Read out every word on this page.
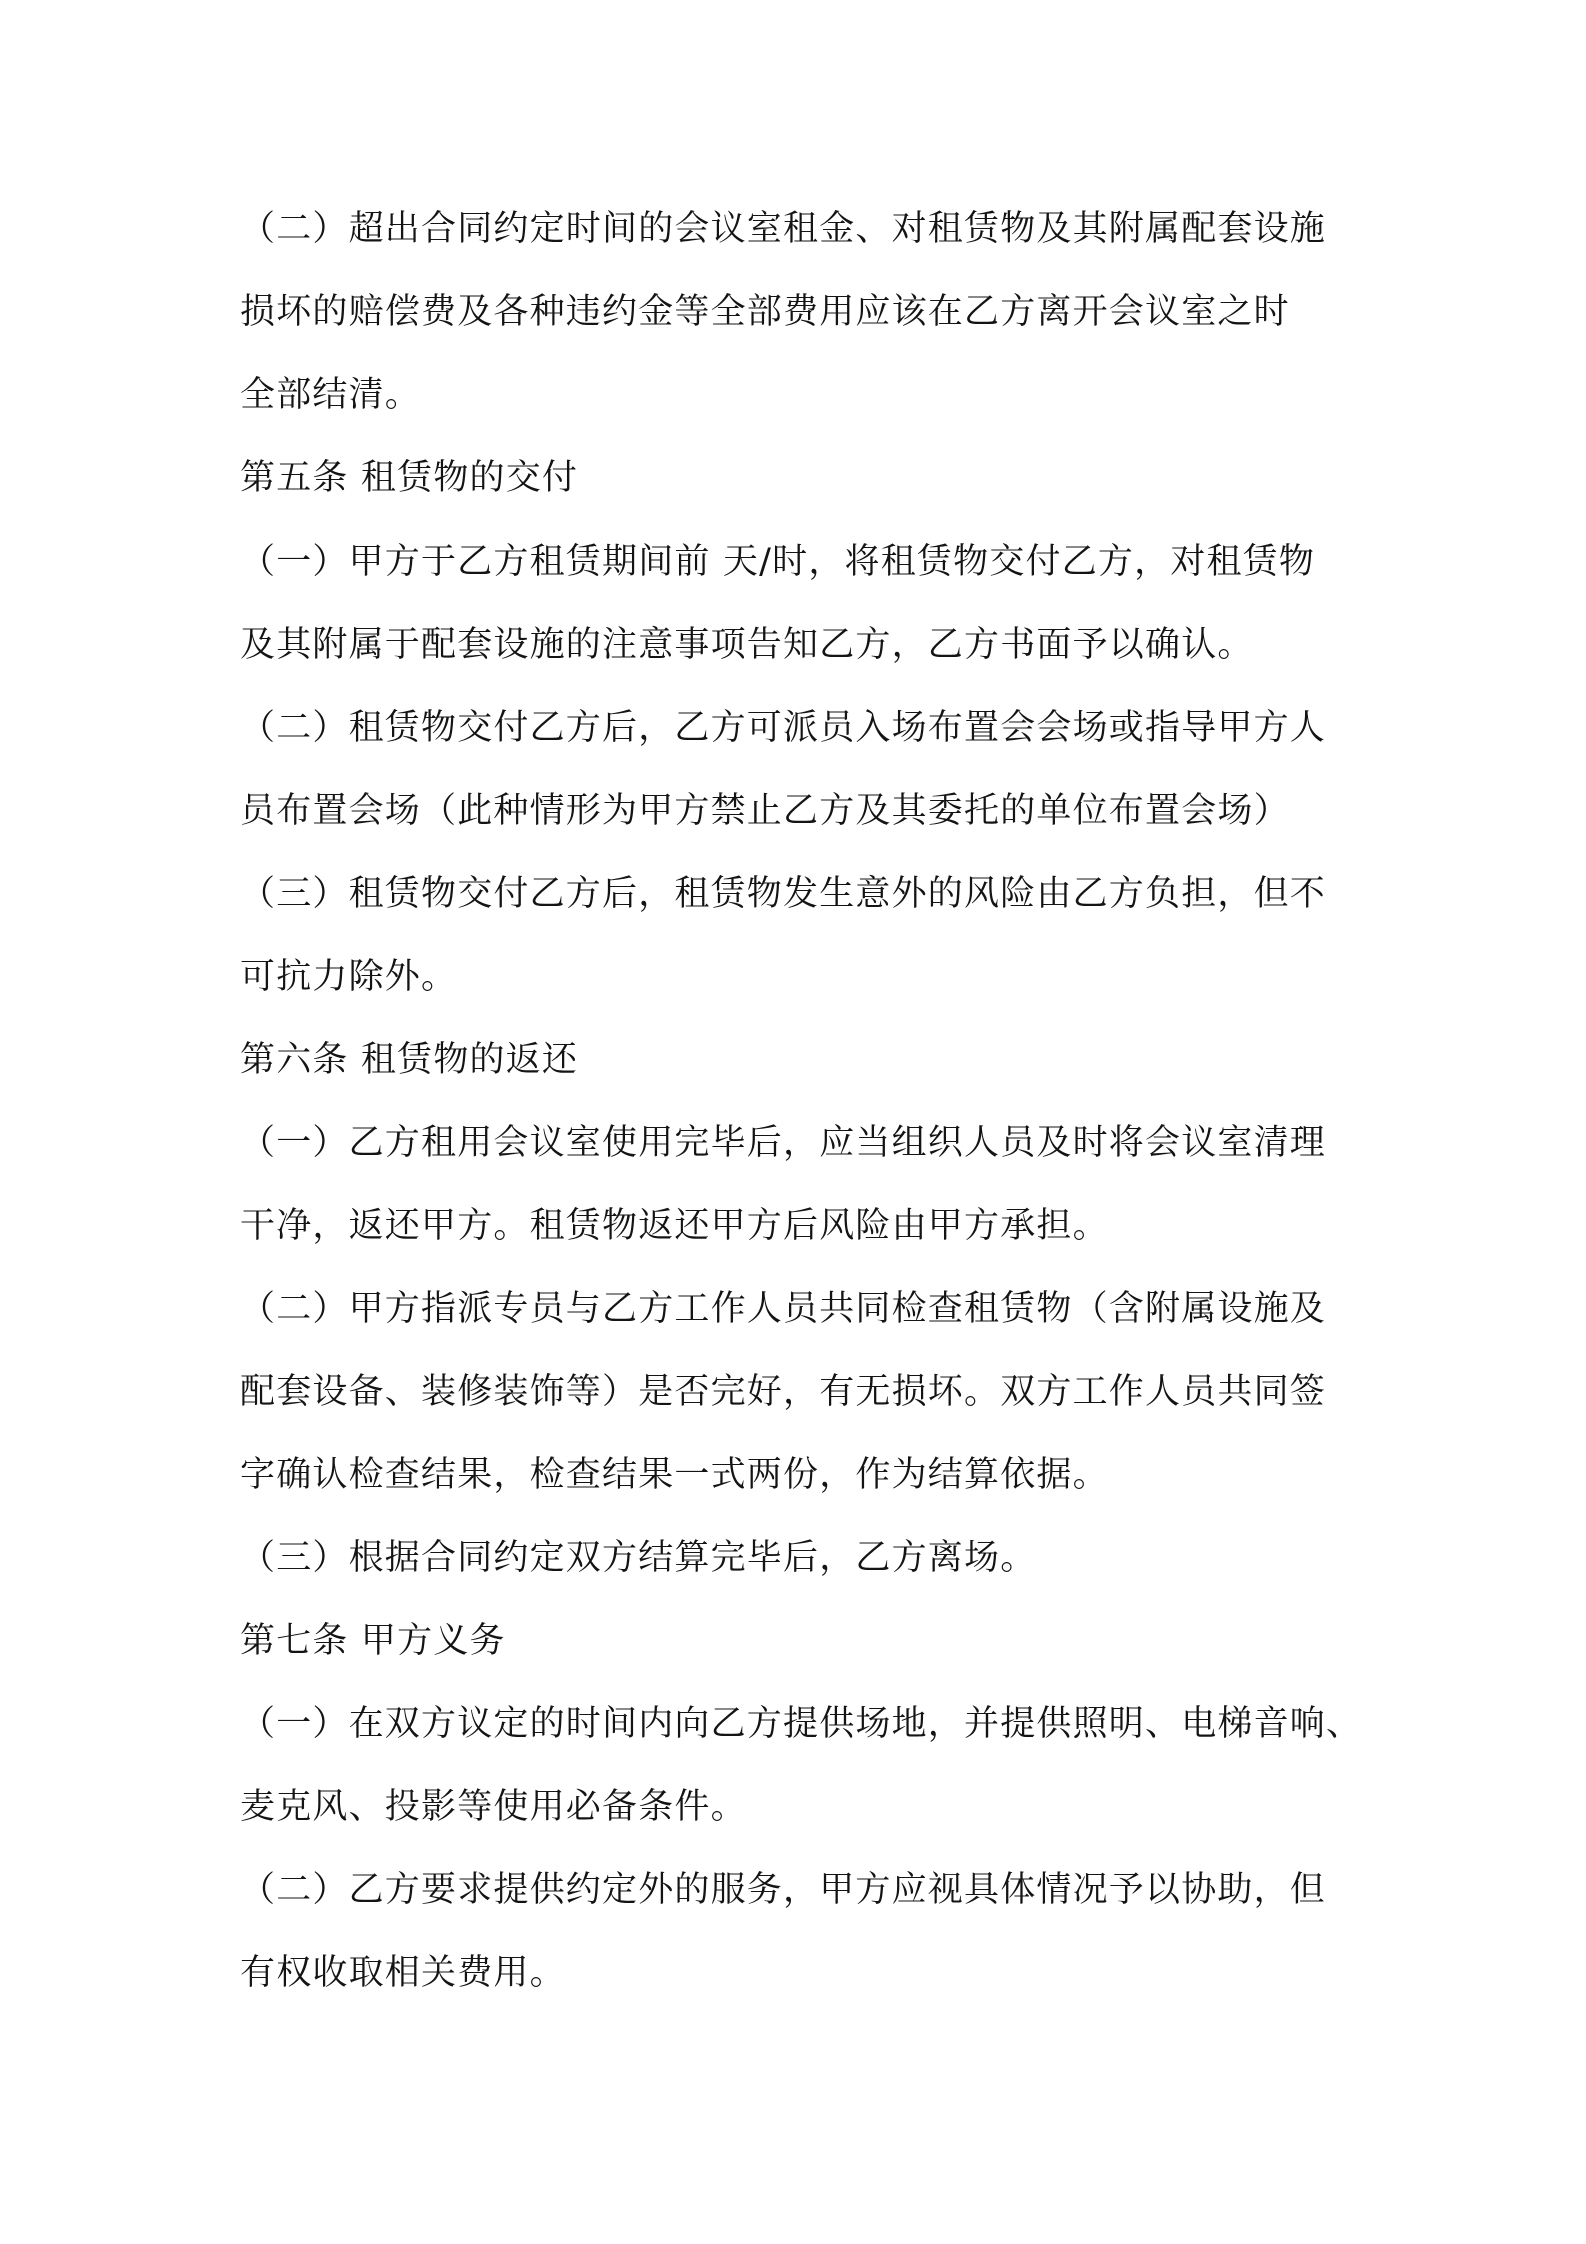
（二）超出合同约定时间的会议室租金、对租赁物及其附属配套设施
损坏的赔偿费及各种违约金等全部费用应该在乙方离开会议室之时
全部结清。
第五条 租赁物的交付
（一）甲方于乙方租赁期间前 天/时，将租赁物交付乙方，对租赁物
及其附属于配套设施的注意事项告知乙方，乙方书面予以确认。
（二）租赁物交付乙方后，乙方可派员入场布置会会场或指导甲方人
员布置会场（此种情形为甲方禁止乙方及其委托的单位布置会场）
（三）租赁物交付乙方后，租赁物发生意外的风险由乙方负担，但不
可抗力除外。
第六条 租赁物的返还
（一）乙方租用会议室使用完毕后，应当组织人员及时将会议室清理
干净，返还甲方。租赁物返还甲方后风险由甲方承担。
（二）甲方指派专员与乙方工作人员共同检查租赁物（含附属设施及
配套设备、装修装饰等）是否完好，有无损坏。双方工作人员共同签
字确认检查结果，检查结果一式两份，作为结算依据。
（三）根据合同约定双方结算完毕后，乙方离场。
第七条 甲方义务
（一）在双方议定的时间内向乙方提供场地，并提供照明、电梯音响、
麦克风、投影等使用必备条件。
（二）乙方要求提供约定外的服务，甲方应视具体情况予以协助，但
有权收取相关费用。
